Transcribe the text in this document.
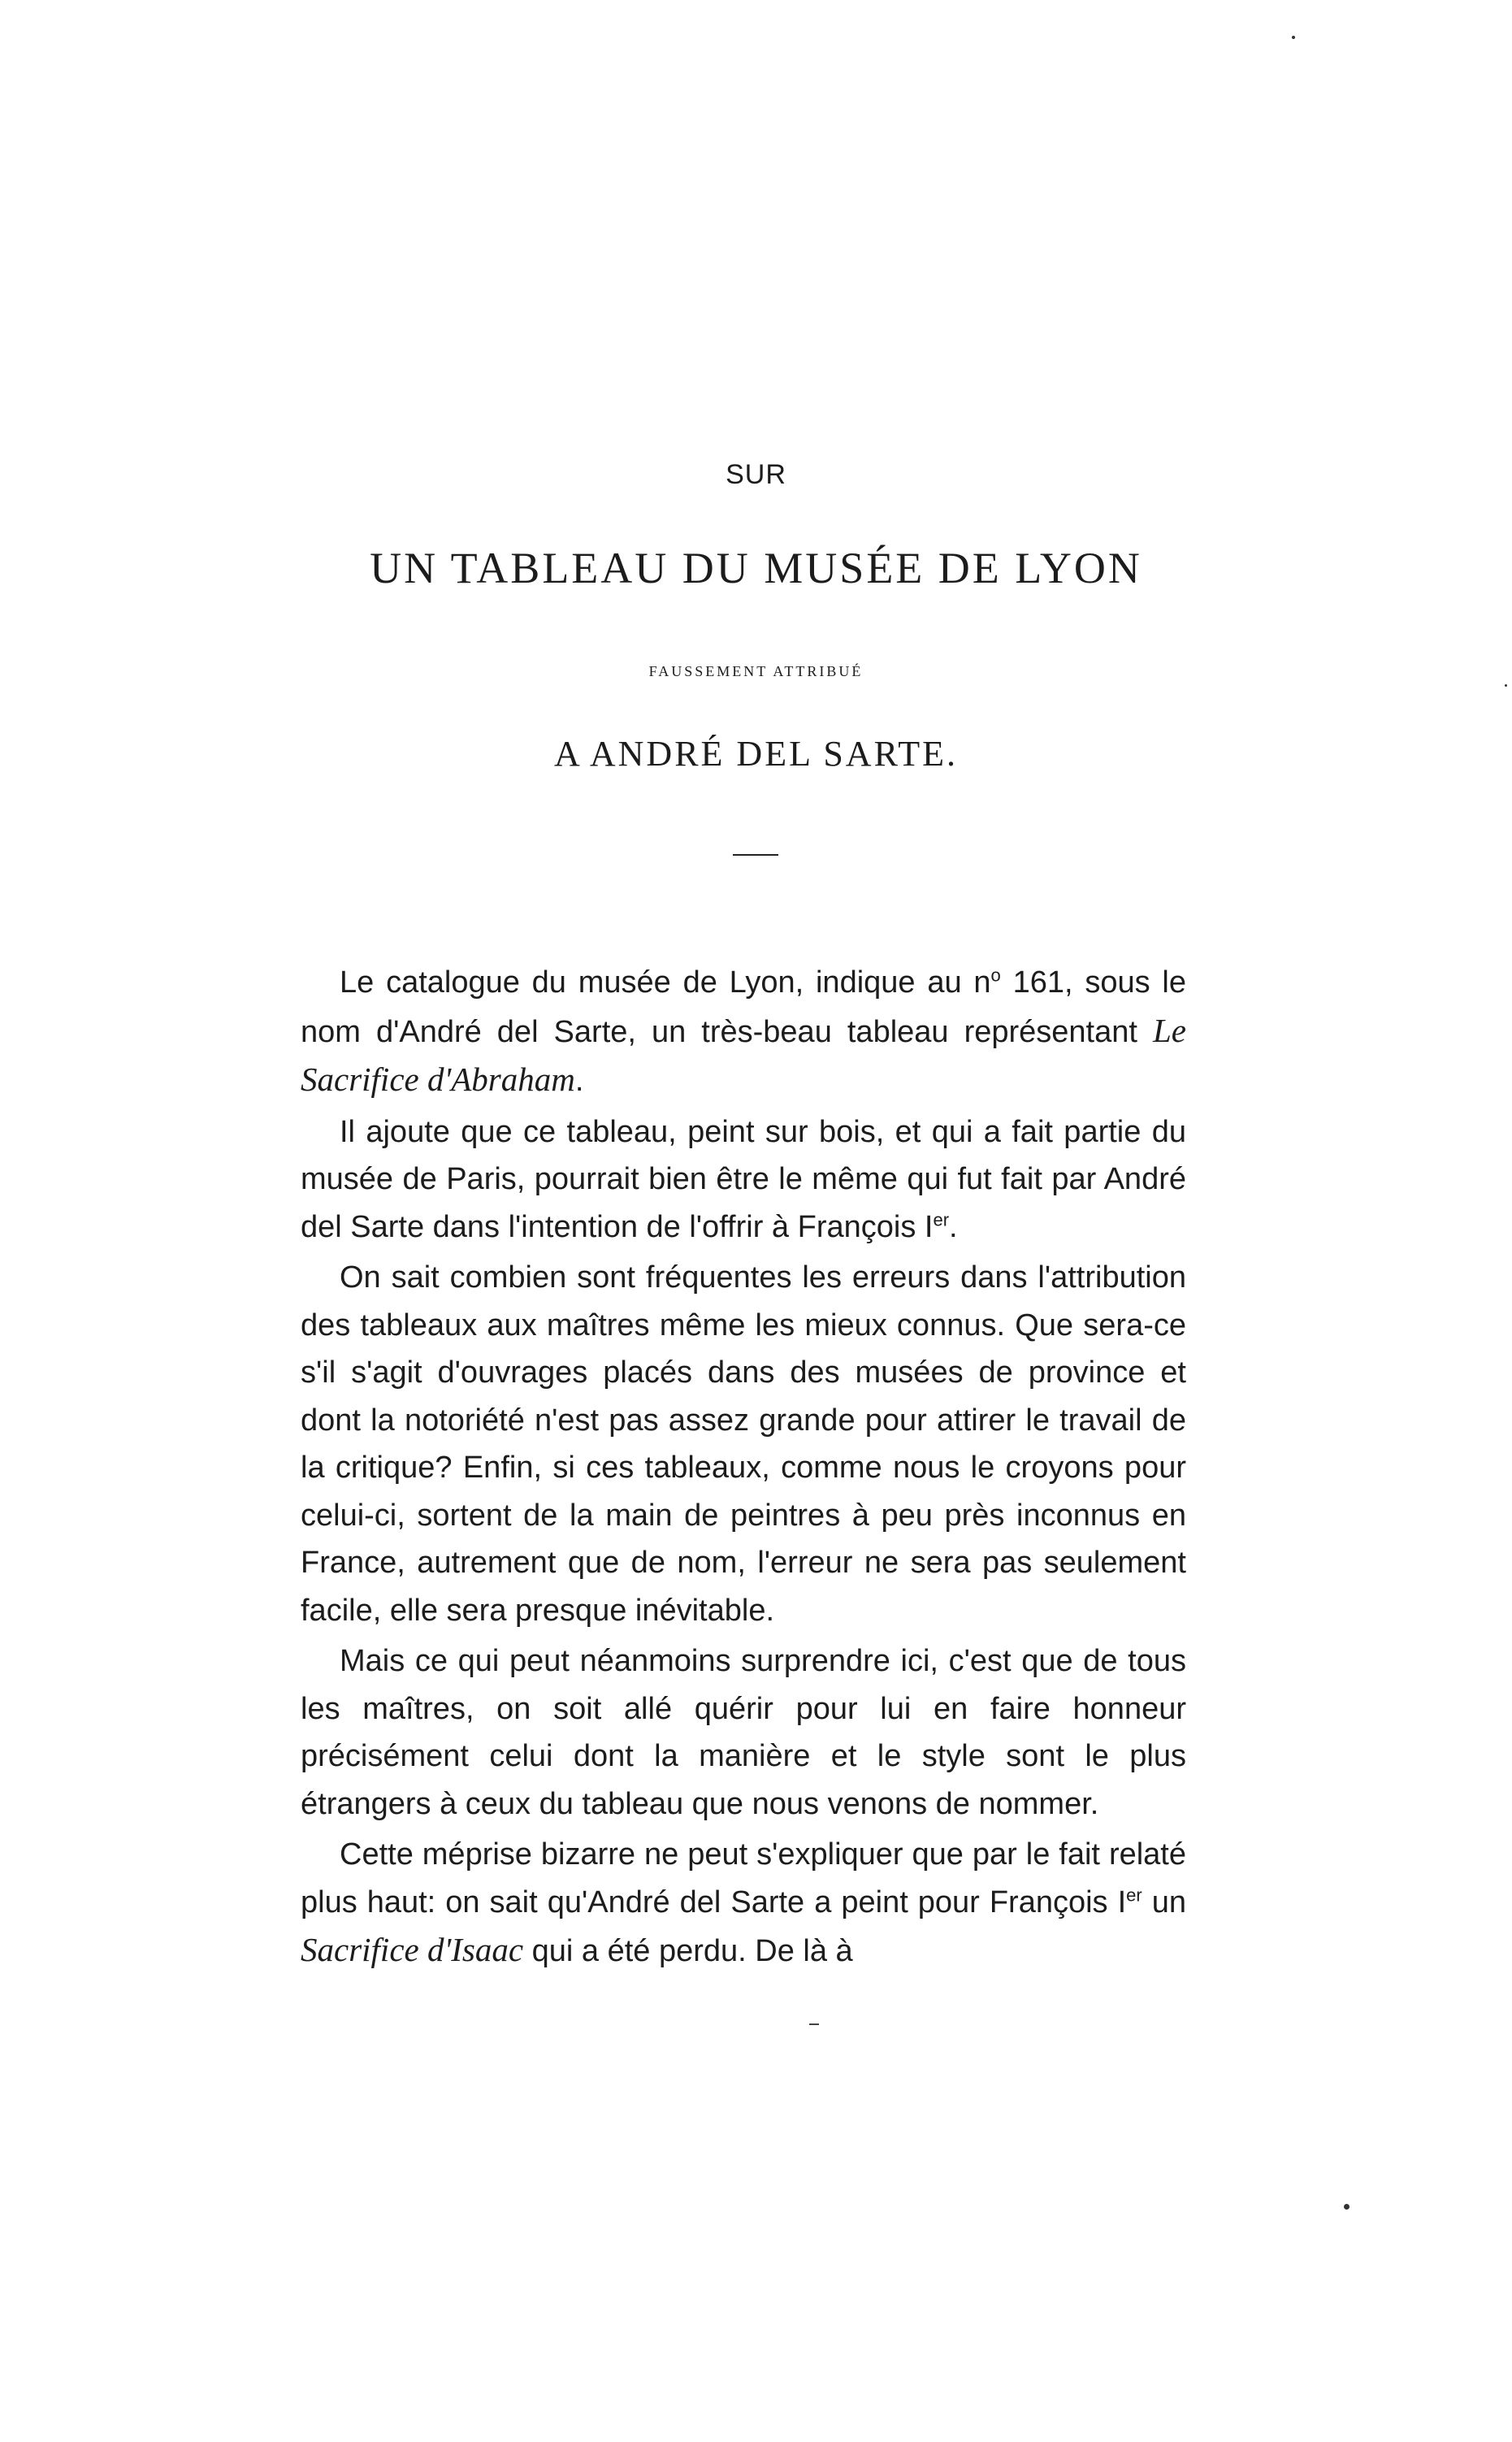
SUR
UN TABLEAU DU MUSÉE DE LYON
FAUSSEMENT ATTRIBUÉ
A ANDRÉ DEL SARTE.

Le catalogue du musée de Lyon, indique au $n^o$ 161, sous le nom d'André del Sarte, un très-beau tableau représentant Le Sacrifice d'Abraham.

Il ajoute que ce tableau, peint sur bois, et qui a fait partie du musée de Paris, pourrait bien être le même qui fut fait par André del Sarte dans l'intention de l'offrir à François Ier.

On sait combien sont fréquentes les erreurs dans l'attribution des tableaux aux maîtres même les mieux connus. Que sera-ce s'il s'agit d'ouvrages placés dans des musées de province et dont la notoriété n'est pas assez grande pour attirer le travail de la critique? Enfin, si ces tableaux, comme nous le croyons pour celui-ci, sortent de la main de peintres à peu près inconnus en France, autrement que de nom, l'erreur ne sera pas seulement facile, elle sera presque inévitable.

Mais ce qui peut néanmoins surprendre ici, c'est que de tous les maîtres, on soit allé quérir pour lui en faire honneur précisément celui dont la manière et le style sont le plus étrangers à ceux du tableau que nous venons de nommer.

Cette méprise bizarre ne peut s'expliquer que par le fait relaté plus haut: on sait qu'André del Sarte a peint pour François Ier un Sacrifice d'Isaac qui a été perdu. De là à
